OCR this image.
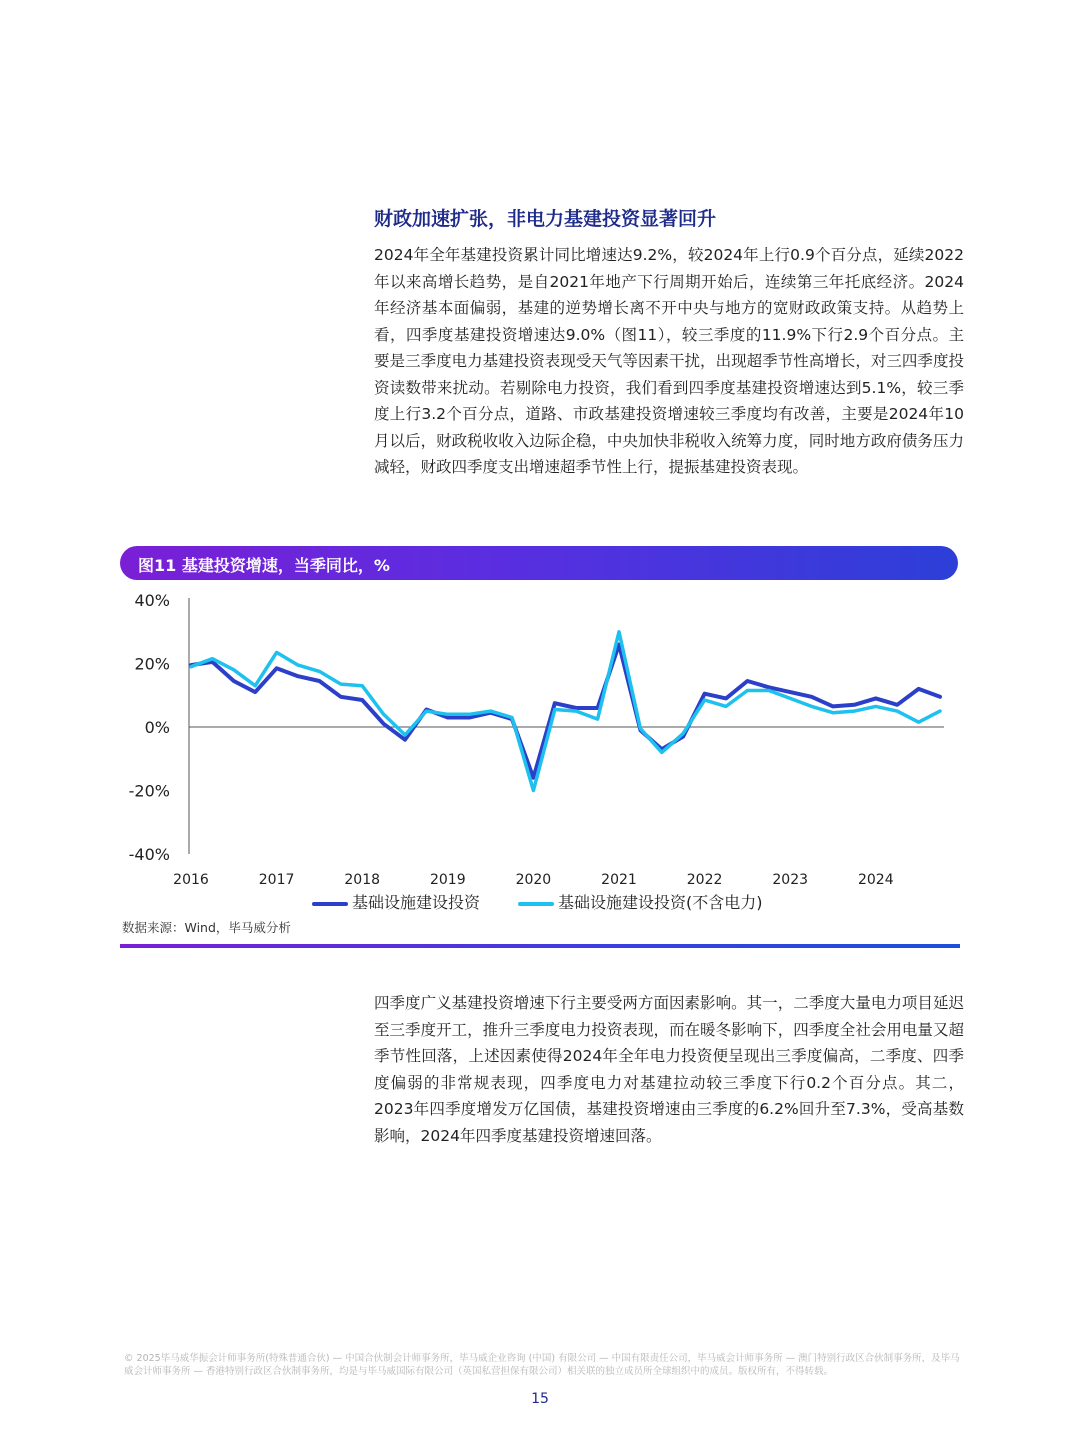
财政加速扩张，非电力基建投资显著回升

2024年全年基建投资累计同比增速达9.2%，较2024年上行0.9个百分点，延续2022年以来高增长趋势，是自2021年地产下行周期开始后，连续第三年托底经济。2024年经济基本面偏弱，基建的逆势增长离不开中央与地方的宽财政政策支持。从趋势上看，四季度基建投资增速达9.0%（图11），较三季度的11.9%下行2.9个百分点。主要是三季度电力基建投资表现受天气等因素干扰，出现超季节性高增长，对三四季度投资读数带来扰动。若剔除电力投资，我们看到四季度基建投资增速达到5.1%，较三季度上行3.2个百分点，道路、市政基建投资增速较三季度均有改善，主要是2024年10月以后，财政税收收入边际企稳，中央加快非税收入统筹力度，同时地方政府债务压力减轻，财政四季度支出增速超季节性上行，提振基建投资表现。

图11 基建投资增速，当季同比，%
-40%
-20%
0%
20%
40%
2016	2017	2018	2019	2020	2021	2022	2023	2024
基础设施建设投资	基础设施建设投资(不含电力)
数据来源：Wind，毕马威分析

四季度广义基建投资增速下行主要受两方面因素影响。其一，二季度大量电力项目延迟至三季度开工，推升三季度电力投资表现，而在暖冬影响下，四季度全社会用电量又超季节性回落，上述因素使得2024年全年电力投资便呈现出三季度偏高，二季度、四季度偏弱的非常规表现，四季度电力对基建拉动较三季度下行0.2个百分点。其二，2023年四季度增发万亿国债，基建投资增速由三季度的6.2%回升至7.3%，受高基数影响，2024年四季度基建投资增速回落。

© 2025毕马威华振会计师事务所(特殊普通合伙) — 中国合伙制会计师事务所，毕马威企业咨询 (中国) 有限公司 — 中国有限责任公司，毕马威会计师事务所 — 澳门特别行政区合伙制事务所，及毕马威会计师事务所 — 香港特别行政区合伙制事务所，均是与毕马威国际有限公司（英国私营担保有限公司）相关联的独立成员所全球组织中的成员。版权所有，不得转载。

15
